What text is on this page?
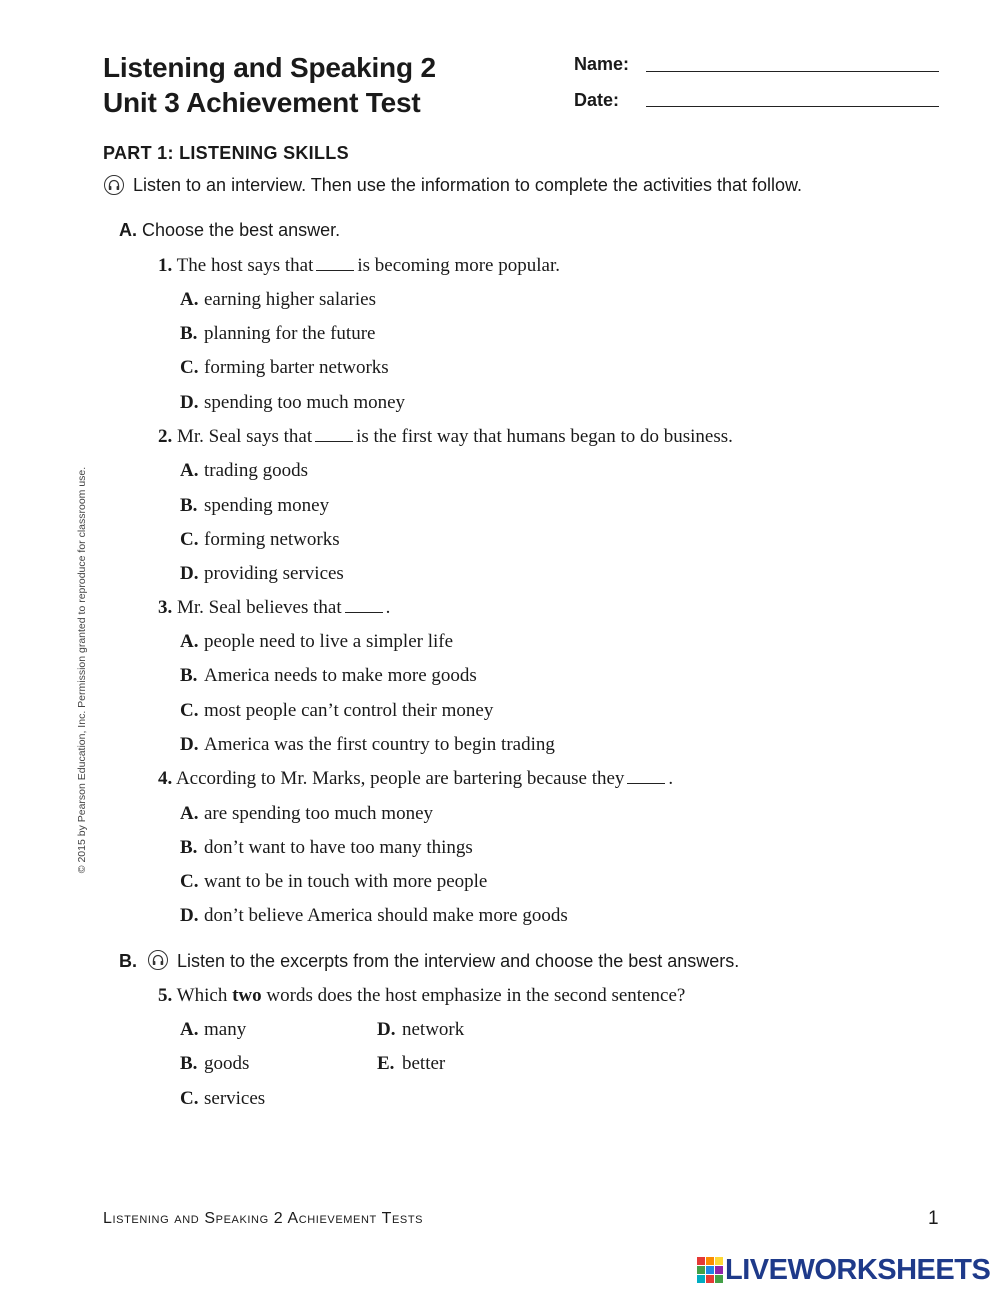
Listening and Speaking 2
Unit 3 Achievement Test
Name:
Date:
PART 1: LISTENING SKILLS
Listen to an interview. Then use the information to complete the activities that follow.
A. Choose the best answer.
1. The host says that is becoming more popular.
A. earning higher salaries
B. planning for the future
C. forming barter networks
D. spending too much money
2. Mr. Seal says that is the first way that humans began to do business.
A. trading goods
B. spending money
C. forming networks
D. providing services
3. Mr. Seal believes that .
A. people need to live a simpler life
B. America needs to make more goods
C. most people can’t control their money
D. America was the first country to begin trading
4. According to Mr. Marks, people are bartering because they .
A. are spending too much money
B. don’t want to have too many things
C. want to be in touch with more people
D. don’t believe America should make more goods
B. Listen to the excerpts from the interview and choose the best answers.
5. Which two words does the host emphasize in the second sentence?
A. many
B. goods
C. services
D. network
E. better
© 2015 by Pearson Education, Inc. Permission granted to reproduce for classroom use.
Listening and Speaking 2 Achievement Tests	1
LIVEWORKSHEETS
